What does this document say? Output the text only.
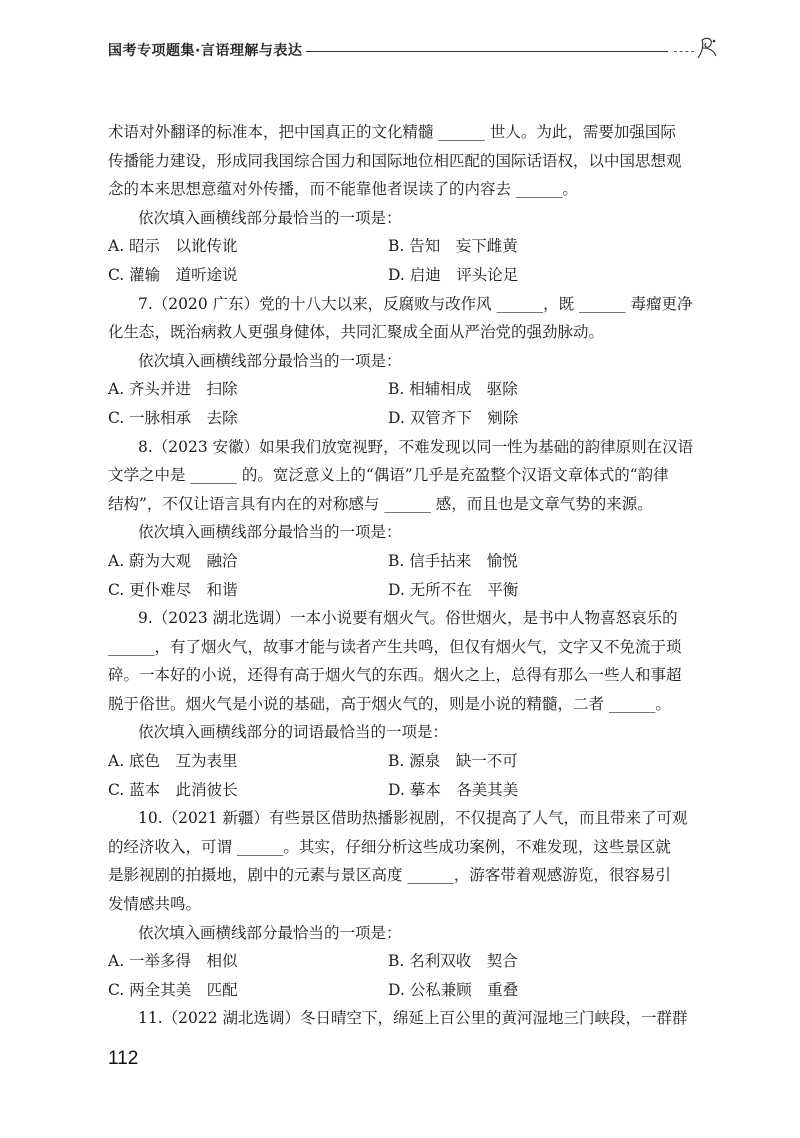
国考专项题集·言语理解与表达
术语对外翻译的标准本，把中国真正的文化精髓 ______ 世人。为此，需要加强国际
传播能力建设，形成同我国综合国力和国际地位相匹配的国际话语权，以中国思想观
念的本来思想意蕴对外传播，而不能靠他者误读了的内容去 ______。
依次填入画横线部分最恰当的一项是：
A. 昭示　以讹传讹	B. 告知　妄下雌黄
C. 灌输　道听途说	D. 启迪　评头论足
7.（2020 广东）党的十八大以来，反腐败与改作风 ______，既 ______ 毒瘤更净
化生态，既治病救人更强身健体，共同汇聚成全面从严治党的强劲脉动。
依次填入画横线部分最恰当的一项是：
A. 齐头并进　扫除	B. 相辅相成　驱除
C. 一脉相承　去除	D. 双管齐下　剜除
8.（2023 安徽）如果我们放宽视野，不难发现以同一性为基础的韵律原则在汉语
文学之中是 ______ 的。宽泛意义上的“偶语”几乎是充盈整个汉语文章体式的“韵律
结构”，不仅让语言具有内在的对称感与 ______ 感，而且也是文章气势的来源。
依次填入画横线部分最恰当的一项是：
A. 蔚为大观　融洽	B. 信手拈来　愉悦
C. 更仆难尽　和谐	D. 无所不在　平衡
9.（2023 湖北选调）一本小说要有烟火气。俗世烟火，是书中人物喜怒哀乐的
______，有了烟火气，故事才能与读者产生共鸣，但仅有烟火气，文字又不免流于琐
碎。一本好的小说，还得有高于烟火气的东西。烟火之上，总得有那么一些人和事超
脱于俗世。烟火气是小说的基础，高于烟火气的，则是小说的精髓，二者 ______。
依次填入画横线部分的词语最恰当的一项是：
A. 底色　互为表里	B. 源泉　缺一不可
C. 蓝本　此消彼长	D. 摹本　各美其美
10.（2021 新疆）有些景区借助热播影视剧，不仅提高了人气，而且带来了可观
的经济收入，可谓 ______。其实，仔细分析这些成功案例，不难发现，这些景区就
是影视剧的拍摄地，剧中的元素与景区高度 ______，游客带着观感游览，很容易引
发情感共鸣。
依次填入画横线部分最恰当的一项是：
A. 一举多得　相似	B. 名利双收　契合
C. 两全其美　匹配	D. 公私兼顾　重叠
11.（2022 湖北选调）冬日晴空下，绵延上百公里的黄河湿地三门峡段，一群群
112
